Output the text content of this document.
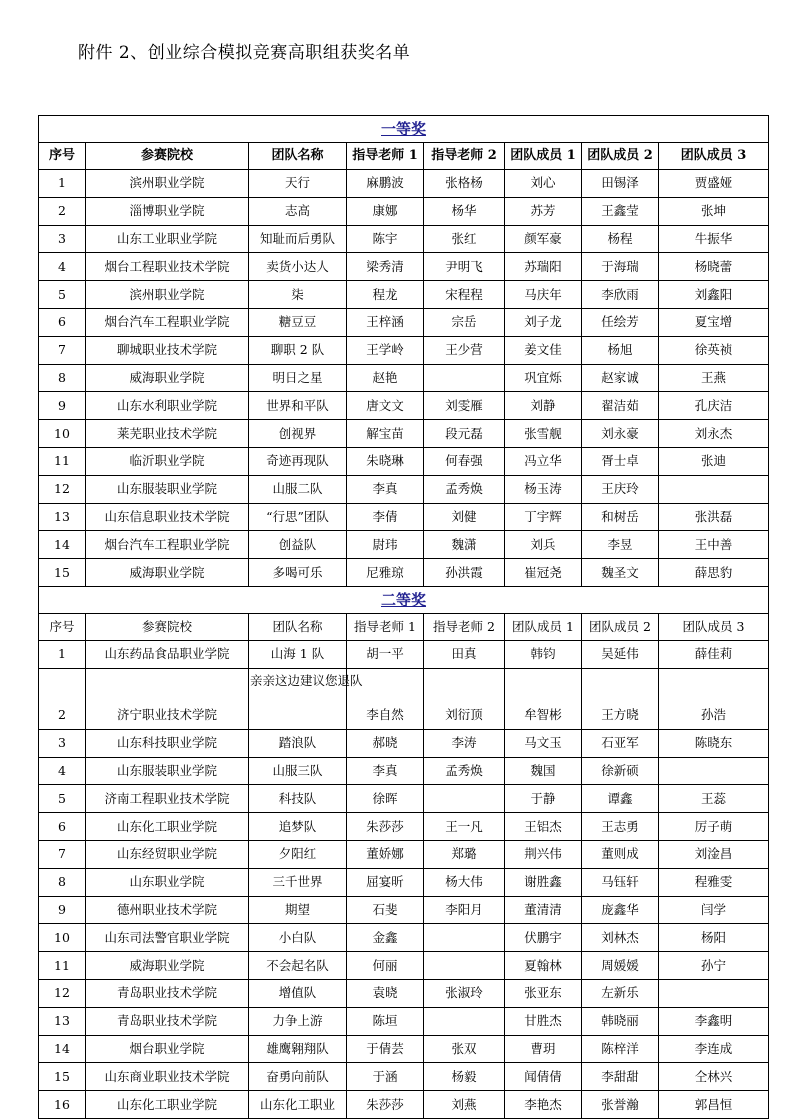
附件 2、创业综合模拟竞赛高职组获奖名单
一等奖							
序号	参赛院校	团队名称	指导老师 1	指导老师 2	团队成员 1	团队成员 2	团队成员 3
1	滨州职业学院	天行	麻鹏波	张格杨	刘心	田锡泽	贾盛娅
2	淄博职业学院	志高	康娜	杨华	苏芳	王鑫莹	张坤
3	山东工业职业学院	知耻而后勇队	陈宇	张红	颜军豪	杨程	牛振华
4	烟台工程职业技术学院	卖货小达人	梁秀清	尹明飞	苏瑞阳	于海瑞	杨晓蕾
5	滨州职业学院	柒	程龙	宋程程	马庆年	李欣雨	刘鑫阳
6	烟台汽车工程职业学院	糖豆豆	王梓涵	宗岳	刘子龙	任绘芳	夏宝增
7	聊城职业技术学院	聊职 2 队	王学岭	王少营	姜文佳	杨旭	徐英祯
8	威海职业学院	明日之星	赵艳		巩宜烁	赵家诚	王燕
9	山东水利职业学院	世界和平队	唐文文	刘雯雁	刘静	翟洁茹	孔庆洁
10	莱芜职业技术学院	创视界	解宝苗	段元磊	张雪舰	刘永豪	刘永杰
11	临沂职业学院	奇迹再现队	朱晓琳	何春强	冯立华	胥士卓	张迪
12	山东服装职业学院	山服二队	李真	孟秀焕	杨玉涛	王庆玲	
13	山东信息职业技术学院	“行思”团队	李倩	刘健	丁宇辉	和树岳	张洪磊
14	烟台汽车工程职业学院	创益队	尉玮	魏潇	刘兵	李昱	王中善
15	威海职业学院	多喝可乐	尼雅琼	孙洪霞	崔冠尧	魏圣文	薛思豹
二等奖							
序号	参赛院校	团队名称	指导老师 1	指导老师 2	团队成员 1	团队成员 2	团队成员 3
1	山东药品食品职业学院	山海 1 队	胡一平	田真	韩钧	吴延伟	薛佳莉
2	济宁职业技术学院	亲亲这边建议您退队	李自然	刘衍顶	牟智彬	王方晓	孙浩
3	山东科技职业学院	踏浪队	郝晓	李涛	马文玉	石亚军	陈晓东
4	山东服装职业学院	山服三队	李真	孟秀焕	魏国	徐新硕	
5	济南工程职业技术学院	科技队	徐晖		于静	谭鑫	王蕊
6	山东化工职业学院	追梦队	朱莎莎	王一凡	王铝杰	王志勇	厉子萌
7	山东经贸职业学院	夕阳红	董娇娜	郑璐	荆兴伟	董则成	刘淦昌
8	山东职业学院	三千世界	屈宴昕	杨大伟	谢胜鑫	马钰轩	程雅雯
9	德州职业技术学院	期望	石斐	李阳月	董清清	庞鑫华	闫学
10	山东司法警官职业学院	小白队	金鑫		伏鹏宇	刘林杰	杨阳
11	威海职业学院	不会起名队	何丽		夏翰林	周媛媛	孙宁
12	青岛职业技术学院	增值队	袁晓	张淑玲	张亚东	左新乐	
13	青岛职业技术学院	力争上游	陈垣		甘胜杰	韩晓丽	李鑫明
14	烟台职业学院	雄鹰翱翔队	于倩芸	张双	曹玥	陈梓洋	李连成
15	山东商业职业技术学院	奋勇向前队	于涵	杨毅	闻倩倩	李甜甜	仝林兴
16	山东化工职业学院	山东化工职业	朱莎莎	刘燕	李艳杰	张誉瀚	郭昌恒
